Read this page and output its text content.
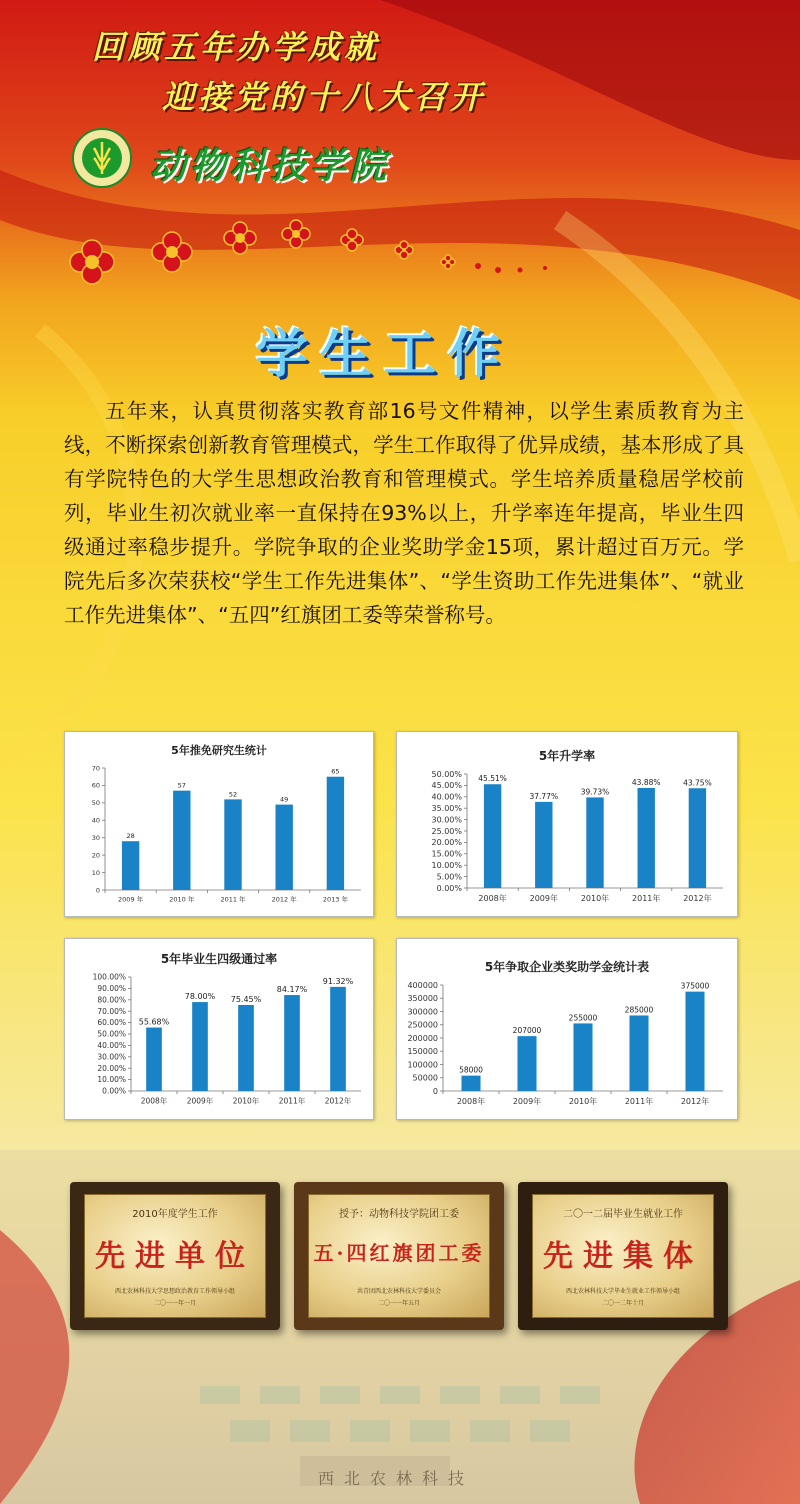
回顾五年办学成就
迎接党的十八大召开
动物科技学院
学生工作
五年来，认真贯彻落实教育部16号文件精神，以学生素质教育为主线，不断探索创新教育管理模式，学生工作取得了优异成绩，基本形成了具有学院特色的大学生思想政治教育和管理模式。学生培养质量稳居学校前列，毕业生初次就业率一直保持在93%以上，升学率连年提高，毕业生四级通过率稳步提升。学院争取的企业奖助学金15项，累计超过百万元。学院先后多次荣获校“学生工作先进集体”、“学生资助工作先进集体”、“就业工作先进集体”、“五四”红旗团工委等荣誉称号。
5年推免研究生统计
0
10
20
30
40
50
60
70
28
2009 年
57
2010 年
52
2011 年
49
2012 年
65
2013 年
5年升学率
0.00%
5.00%
10.00%
15.00%
20.00%
25.00%
30.00%
35.00%
40.00%
45.00%
50.00% 45.51%
2008年
37.77%
2009年
39.73%
2010年
43.88%
2011年
43.75%
2012年
5年毕业生四级通过率
0.00%
10.00%
20.00%
30.00%
40.00%
50.00%
60.00%
70.00%
80.00%
90.00%
100.00%
55.68%
2008年
78.00%
2009年
75.45%
2010年
84.17%
2011年
91.32%
2012年
5年争取企业类奖助学金统计表
0
50000
100000
150000
200000
250000
300000
350000
400000
58000
2008年
207000
2009年
255000
2010年
285000
2011年
375000
2012年
2010年度学生工作
先进单位
西北农林科技大学思想政治教育工作领导小组
二〇一一年一月
授予：动物科技学院团工委
五·四红旗团工委
共青团西北农林科技大学委员会
二〇一一年五月
二〇一二届毕业生就业工作
先进集体
西北农林科技大学毕业生就业工作领导小组
二〇一二年十月
西北农林科技
